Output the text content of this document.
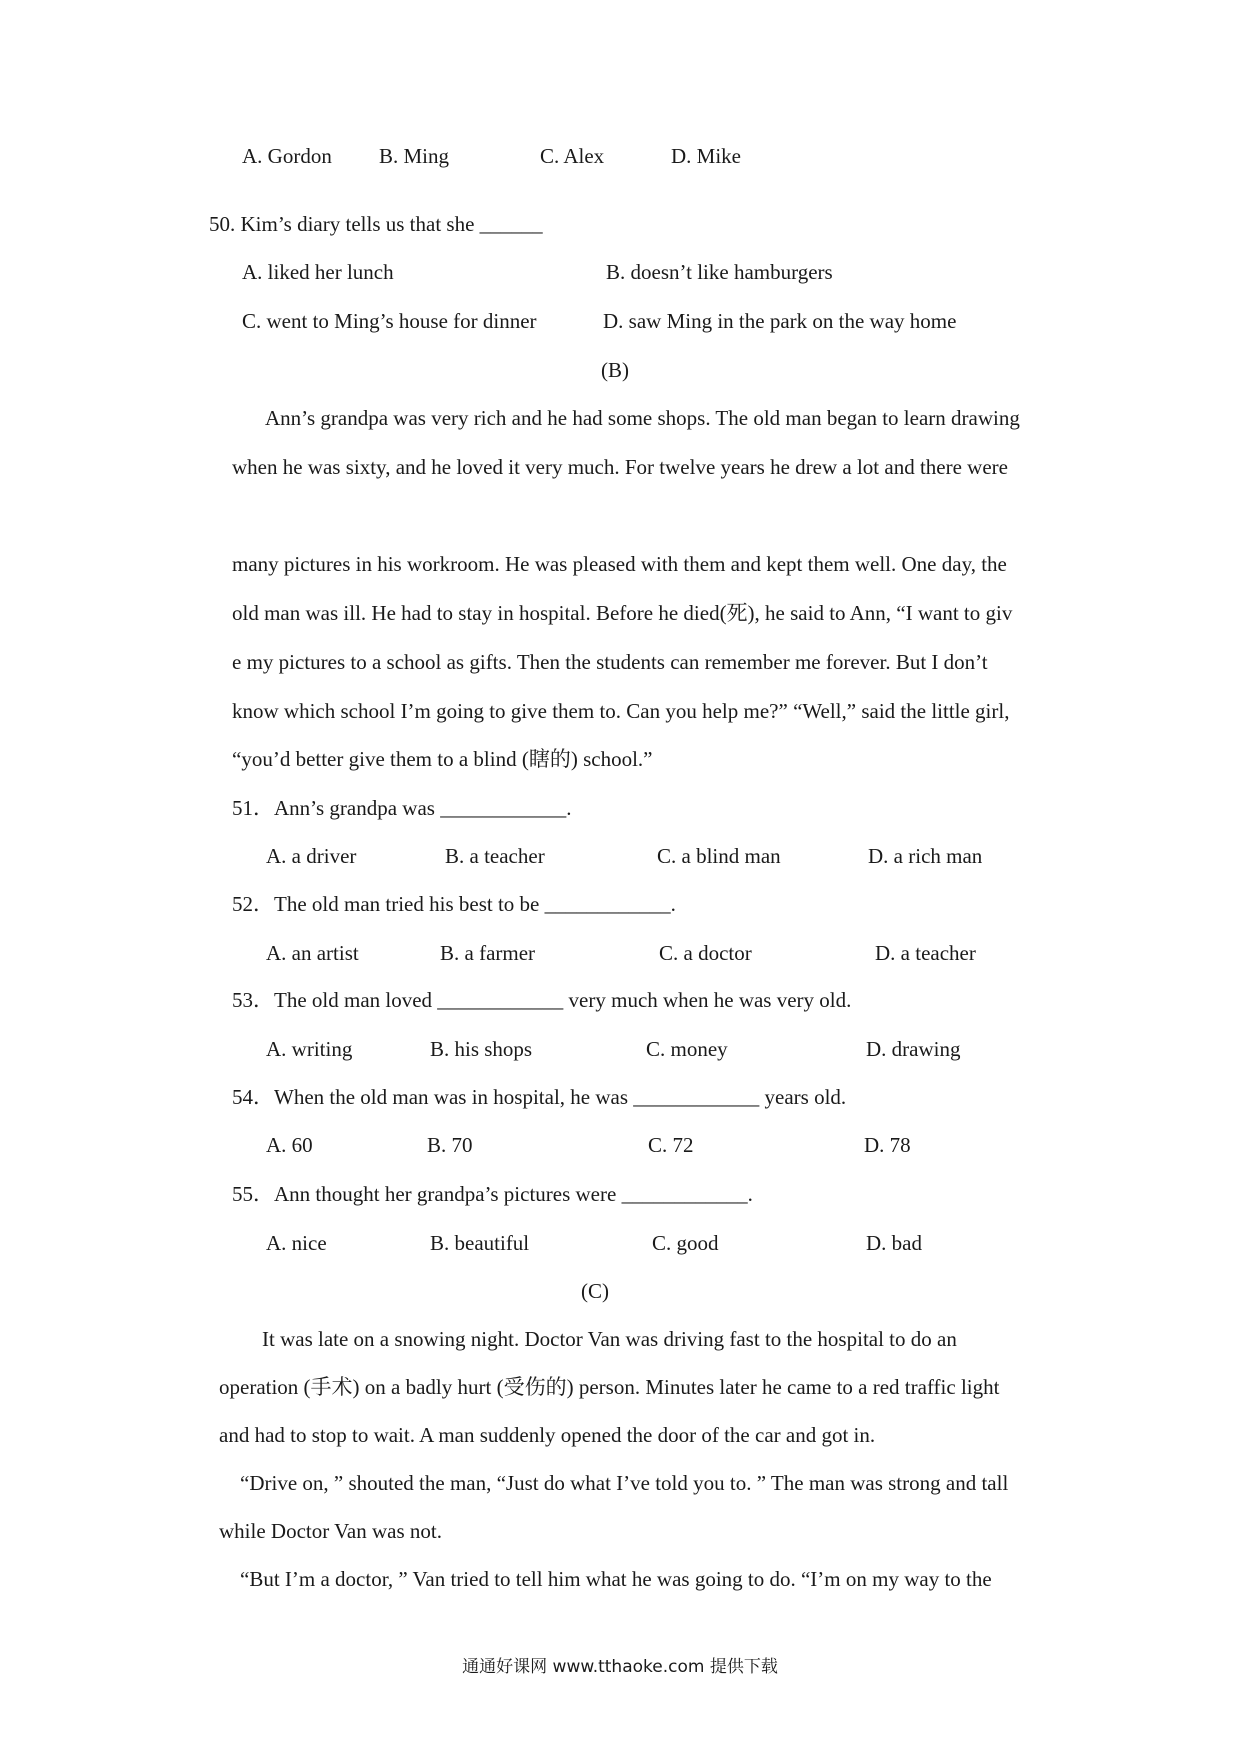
A. Gordon B. Ming	C. Alex	D. Mike
50. Kim’s diary tells us that she ______
A. liked her lunch	B. doesn’t like hamburgers
C. went to Ming’s house for dinner	D. saw Ming in the park on the way home
(B)
Ann’s grandpa was very rich and he had some shops. The old man began to learn drawing
when he was sixty, and he loved it very much. For twelve years he drew a lot and there were
many pictures in his workroom. He was pleased with them and kept them well. One day, the
old man was ill. He had to stay in hospital. Before he died(死), he said to Ann, “I want to giv
e my pictures to a school as gifts. Then the students can remember me forever. But I don’t
know which school I’m going to give them to. Can you help me?” “Well,” said the little girl,
“you’d better give them to a blind (瞎的) school.”
51．Ann’s grandpa was ____________.
A. a driver	B. a teacher	C. a blind man	D. a rich man
52．The old man tried his best to be ____________.
A. an artist	B. a farmer	C. a doctor	D. a teacher
53．The old man loved ____________ very much when he was very old.
A. writing	B. his shops	C. money	D. drawing
54．When the old man was in hospital, he was ____________ years old.
A. 60	B. 70	C. 72	D. 78
55．Ann thought her grandpa’s pictures were ____________.
A. nice	B. beautiful	C. good	D. bad
(C)
It was late on a snowing night. Doctor Van was driving fast to the hospital to do an
operation (手术) on a badly hurt (受伤的) person. Minutes later he came to a red traffic light
and had to stop to wait. A man suddenly opened the door of the car and got in.
“Drive on, ” shouted the man, “Just do what I’ve told you to. ” The man was strong and tall
while Doctor Van was not.
“But I’m a doctor, ” Van tried to tell him what he was going to do. “I’m on my way to the
通通好课网 www.tthaoke.com 提供下载
